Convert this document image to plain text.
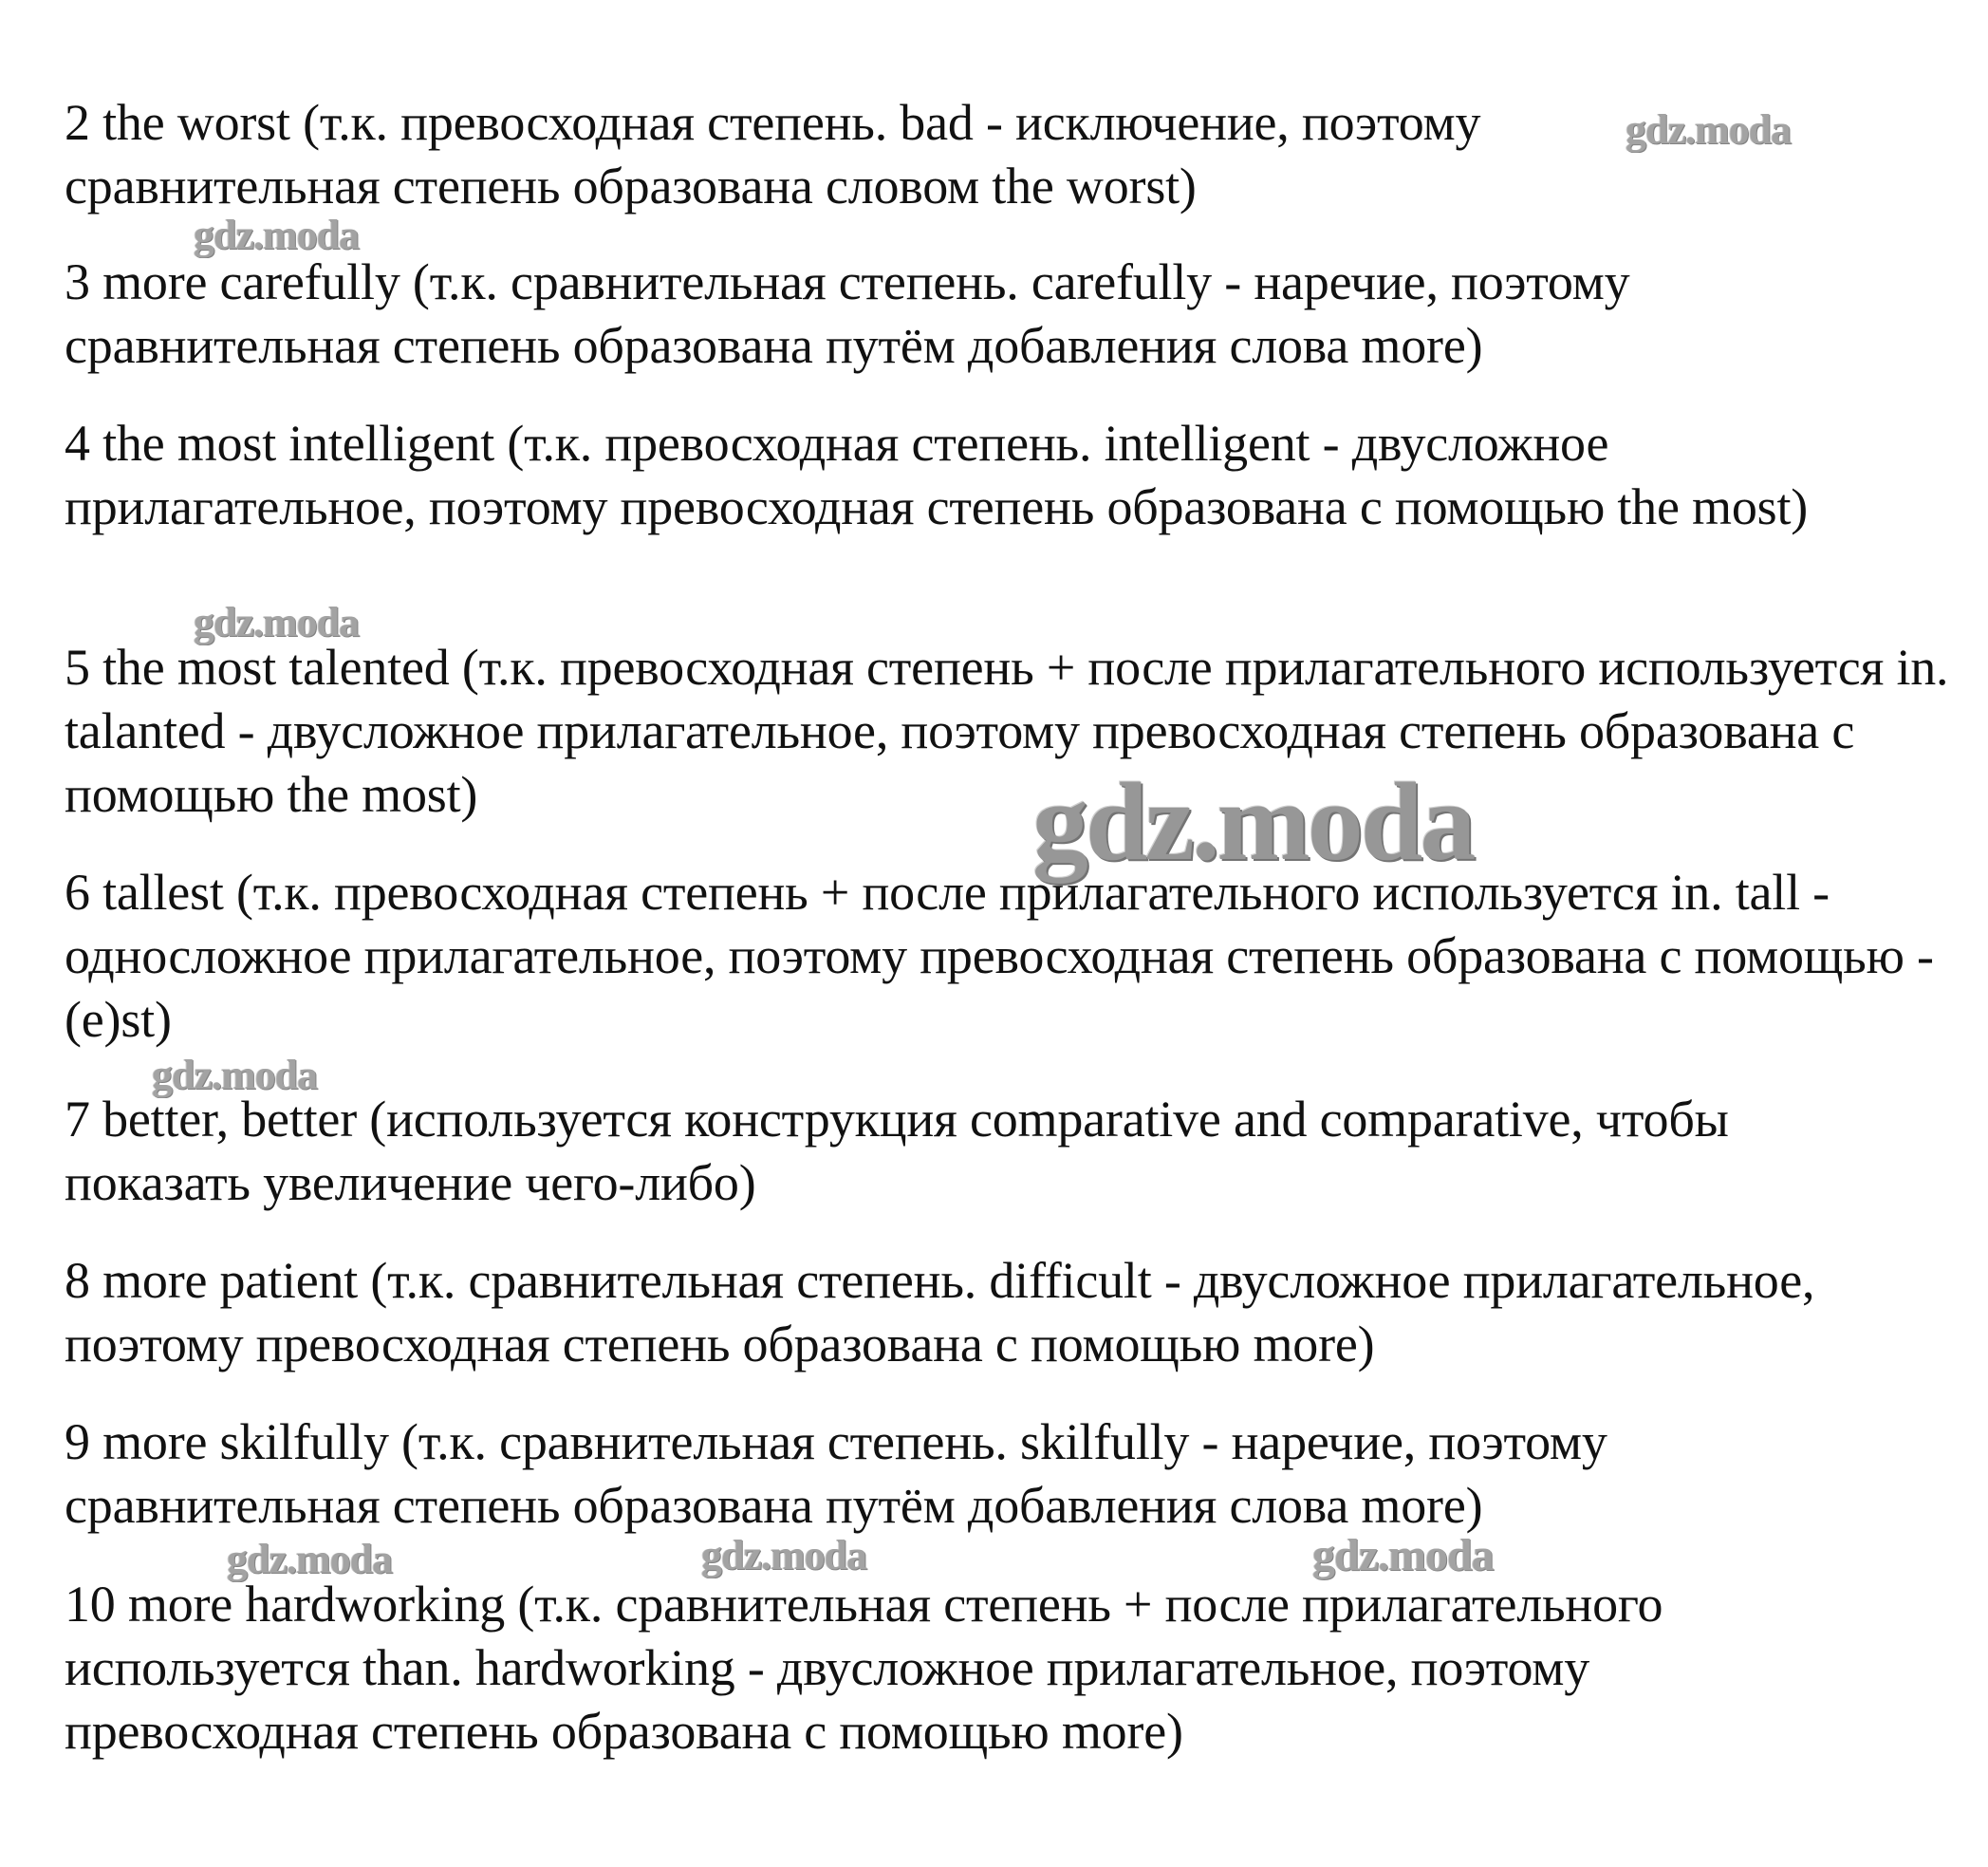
2 the worst (т.к. превосходная степень. bad - исключение, поэтому сравнительная степень образована словом the worst)

3 more carefully (т.к. сравнительная степень. carefully - наречие, поэтому сравнительная степень образована путём добавления слова more)

4 the most intelligent (т.к. превосходная степень. intelligent - двусложное прилагательное, поэтому превосходная степень образована с помощью the most)

5 the most talented (т.к. превосходная степень + после прилагательного используется in. talanted - двусложное прилагательное, поэтому превосходная степень образована с помощью the most)

6 tallest (т.к. превосходная степень + после прилагательного используется in. tall - односложное прилагательное, поэтому превосходная степень образована с помощью -(e)st)

7 better, better (используется конструкция comparative and comparative, чтобы показать увеличение чего-либо)

8 more patient (т.к. сравнительная степень. difficult - двусложное прилагательное, поэтому превосходная степень образована с помощью more)

9 more skilfully (т.к. сравнительная степень. skilfully - наречие, поэтому сравнительная степень образована путём добавления слова more)

10 more hardworking (т.к. сравнительная степень + после прилагательного используется than. hardworking - двусложное прилагательное, поэтому превосходная степень образована с помощью more)

gdz.moda
gdz.moda
gdz.moda
gdz.moda
gdz.moda
gdz.moda	gdz.moda	gdz.moda
